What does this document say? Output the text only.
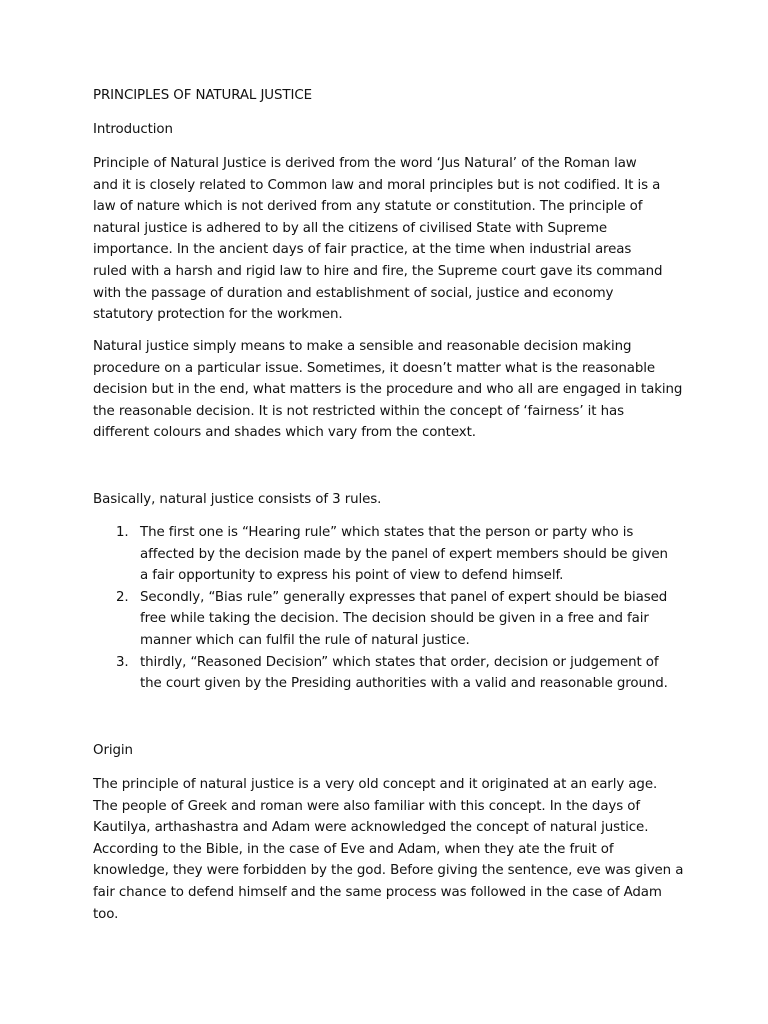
PRINCIPLES OF NATURAL JUSTICE
Introduction
Principle of Natural Justice is derived from the word ‘Jus Natural’ of the Roman law
and it is closely related to Common law and moral principles but is not codified. It is a
law of nature which is not derived from any statute or constitution. The principle of
natural justice is adhered to by all the citizens of civilised State with Supreme
importance. In the ancient days of fair practice, at the time when industrial areas
ruled with a harsh and rigid law to hire and fire, the Supreme court gave its command
with the passage of duration and establishment of social, justice and economy
statutory protection for the workmen.
Natural justice simply means to make a sensible and reasonable decision making
procedure on a particular issue. Sometimes, it doesn’t matter what is the reasonable
decision but in the end, what matters is the procedure and who all are engaged in taking
the reasonable decision. It is not restricted within the concept of ‘fairness’ it has
different colours and shades which vary from the context.
Basically, natural justice consists of 3 rules.
1. The first one is “Hearing rule” which states that the person or party who is
affected by the decision made by the panel of expert members should be given
a fair opportunity to express his point of view to defend himself.
2. Secondly, “Bias rule” generally expresses that panel of expert should be biased
free while taking the decision. The decision should be given in a free and fair
manner which can fulfil the rule of natural justice.
3. thirdly, “Reasoned Decision” which states that order, decision or judgement of
the court given by the Presiding authorities with a valid and reasonable ground.
Origin
The principle of natural justice is a very old concept and it originated at an early age.
The people of Greek and roman were also familiar with this concept. In the days of
Kautilya, arthashastra and Adam were acknowledged the concept of natural justice.
According to the Bible, in the case of Eve and Adam, when they ate the fruit of
knowledge, they were forbidden by the god. Before giving the sentence, eve was given a
fair chance to defend himself and the same process was followed in the case of Adam
too.
